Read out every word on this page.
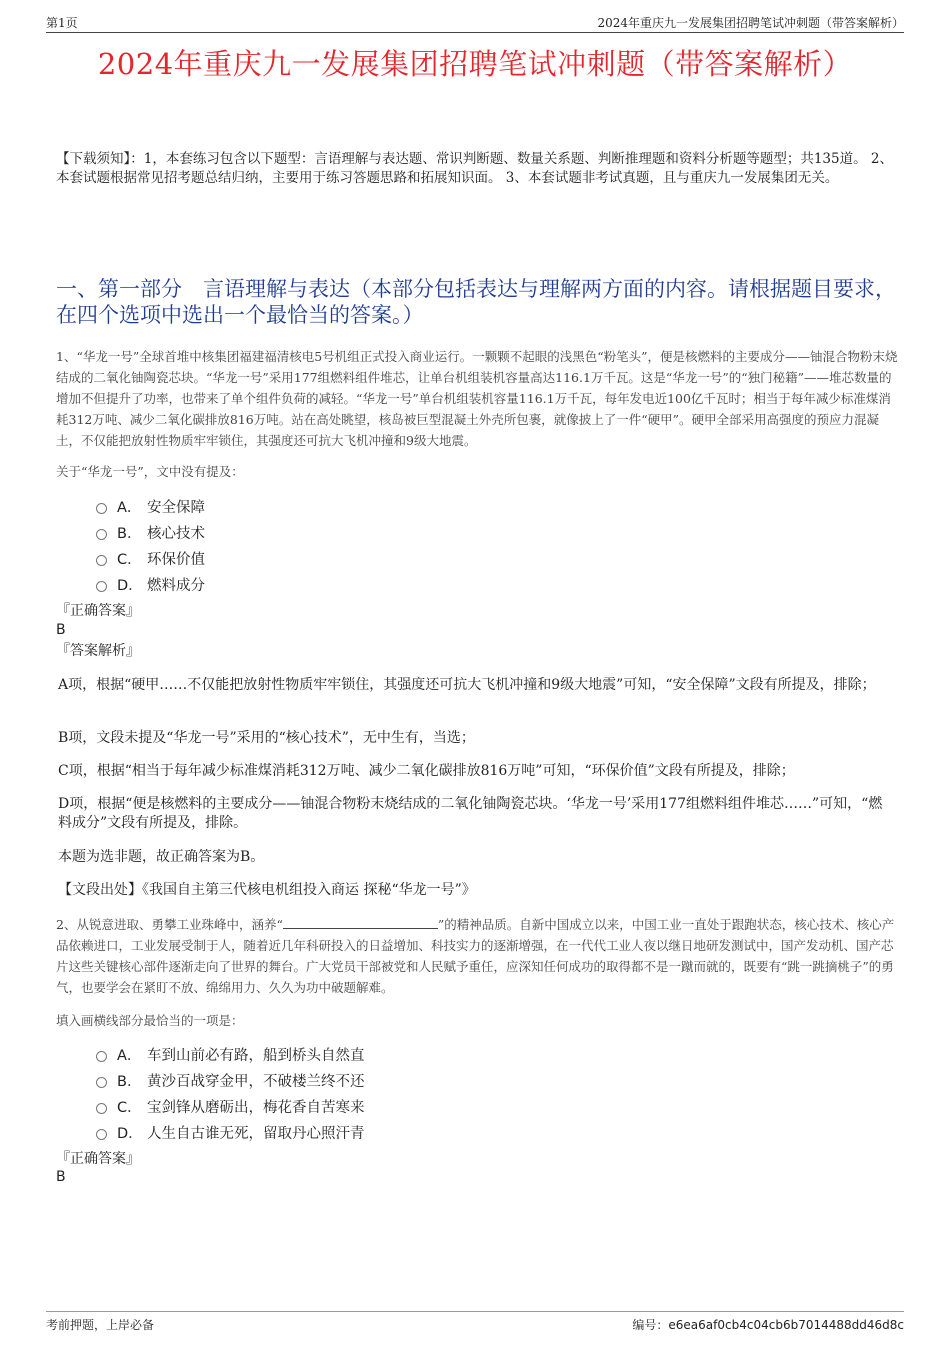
第1页	2024年重庆九一发展集团招聘笔试冲刺题（带答案解析）
2024年重庆九一发展集团招聘笔试冲刺题（带答案解析）
【下载须知】：1，本套练习包含以下题型：言语理解与表达题、常识判断题、数量关系题、判断推理题和资料分析题等题型；共135道。 2、本套试题根据常见招考题总结归纳，主要用于练习答题思路和拓展知识面。 3、本套试题非考试真题，且与重庆九一发展集团无关。
一、第一部分　言语理解与表达（本部分包括表达与理解两方面的内容。请根据题目要求，在四个选项中选出一个最恰当的答案。）
1、“华龙一号”全球首堆中核集团福建福清核电5号机组正式投入商业运行。一颗颗不起眼的浅黑色“粉笔头”，便是核燃料的主要成分——铀混合物粉末烧结成的二氧化铀陶瓷芯块。“华龙一号”采用177组燃料组件堆芯，让单台机组装机容量高达116.1万千瓦。这是“华龙一号”的“独门秘籍”——堆芯数量的增加不但提升了功率，也带来了单个组件负荷的减轻。“华龙一号”单台机组装机容量116.1万千瓦，每年发电近100亿千瓦时；相当于每年减少标准煤消耗312万吨、减少二氧化碳排放816万吨。站在高处眺望，核岛被巨型混凝土外壳所包裹，就像披上了一件“硬甲”。硬甲全部采用高强度的预应力混凝土，不仅能把放射性物质牢牢锁住，其强度还可抗大飞机冲撞和9级大地震。
关于“华龙一号”，文中没有提及：
A． 安全保障
B． 核心技术
C． 环保价值
D． 燃料成分
『正确答案』
B
『答案解析』
A项，根据“硬甲……不仅能把放射性物质牢牢锁住，其强度还可抗大飞机冲撞和9级大地震”可知，“安全保障”文段有所提及，排除；
B项，文段未提及“华龙一号”采用的“核心技术”，无中生有，当选；
C项，根据“相当于每年减少标准煤消耗312万吨、减少二氧化碳排放816万吨”可知，“环保价值”文段有所提及，排除；
D项，根据“便是核燃料的主要成分——铀混合物粉末烧结成的二氧化铀陶瓷芯块。‘华龙一号’采用177组燃料组件堆芯……”可知，“燃料成分”文段有所提及，排除。
本题为选非题，故正确答案为B。
【文段出处】《我国自主第三代核电机组投入商运 探秘“华龙一号”》
2、从锐意进取、勇攀工业珠峰中，涵养“	”的精神品质。自新中国成立以来，中国工业一直处于跟跑状态，核心技术、核心产品依赖进口，工业发展受制于人，随着近几年科研投入的日益增加、科技实力的逐渐增强，在一代代工业人夜以继日地研发测试中，国产发动机、国产芯片这些关键核心部件逐渐走向了世界的舞台。广大党员干部被党和人民赋予重任，应深知任何成功的取得都不是一蹴而就的，既要有“跳一跳摘桃子”的勇气，也要学会在紧盯不放、绵绵用力、久久为功中破题解难。
填入画横线部分最恰当的一项是：
A． 车到山前必有路，船到桥头自然直
B． 黄沙百战穿金甲，不破楼兰终不还
C． 宝剑锋从磨砺出，梅花香自苦寒来
D． 人生自古谁无死，留取丹心照汗青
『正确答案』
B
考前押题，上岸必备	编号：e6ea6af0cb4c04cb6b7014488dd46d8c
